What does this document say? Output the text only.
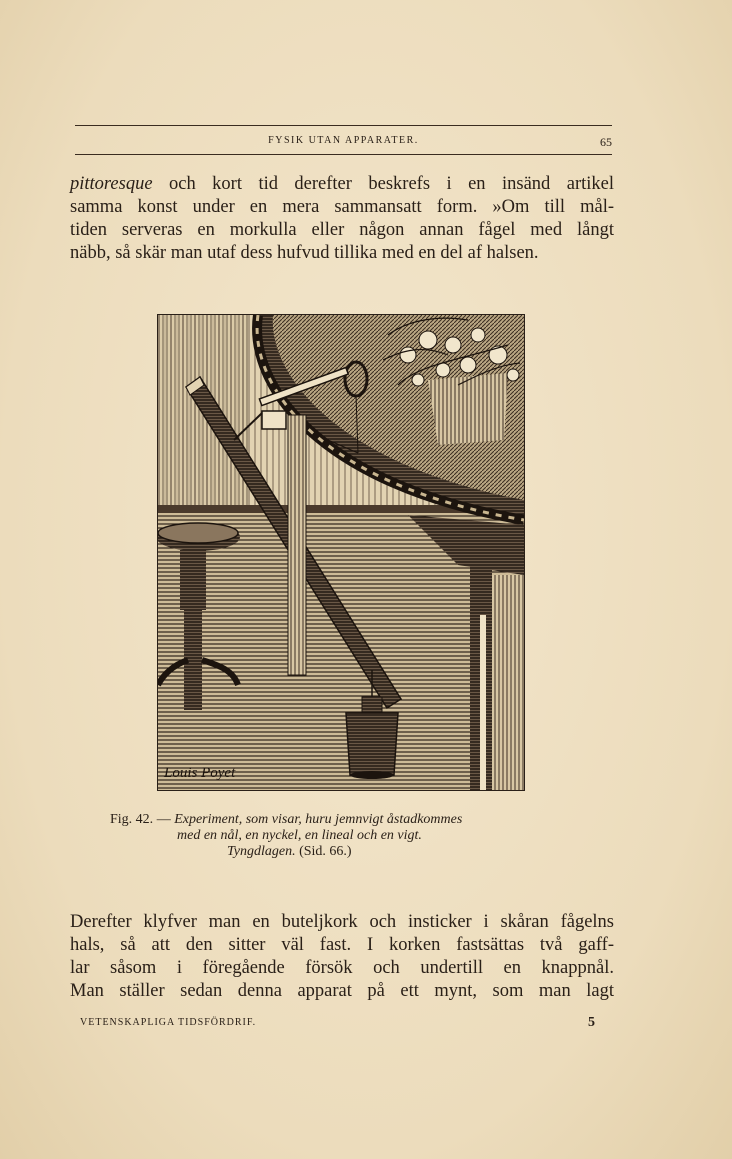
FYSIK UTAN APPARATER.	65
pittoresque och kort tid derefter beskrefs i en insänd artikel
samma konst under en mera sammansatt form. »Om till mål-
tiden serveras en morkulla eller någon annan fågel med långt
näbb, så skär man utaf dess hufvud tillika med en del af halsen.
Louis Poyet
Fig. 42. — Experiment, som visar, huru jemnvigt åstadkommes
med en nål, en nyckel, en lineal och en vigt.
Tyngdlagen. (Sid. 66.)
Derefter klyfver man en buteljkork och insticker i skåran fågelns
hals, så att den sitter väl fast. I korken fastsättas två gaff-
lar såsom i föregående försök och undertill en knappnål.
Man ställer sedan denna apparat på ett mynt, som man lagt
VETENSKAPLIGA TIDSFÖRDRIF.	5
